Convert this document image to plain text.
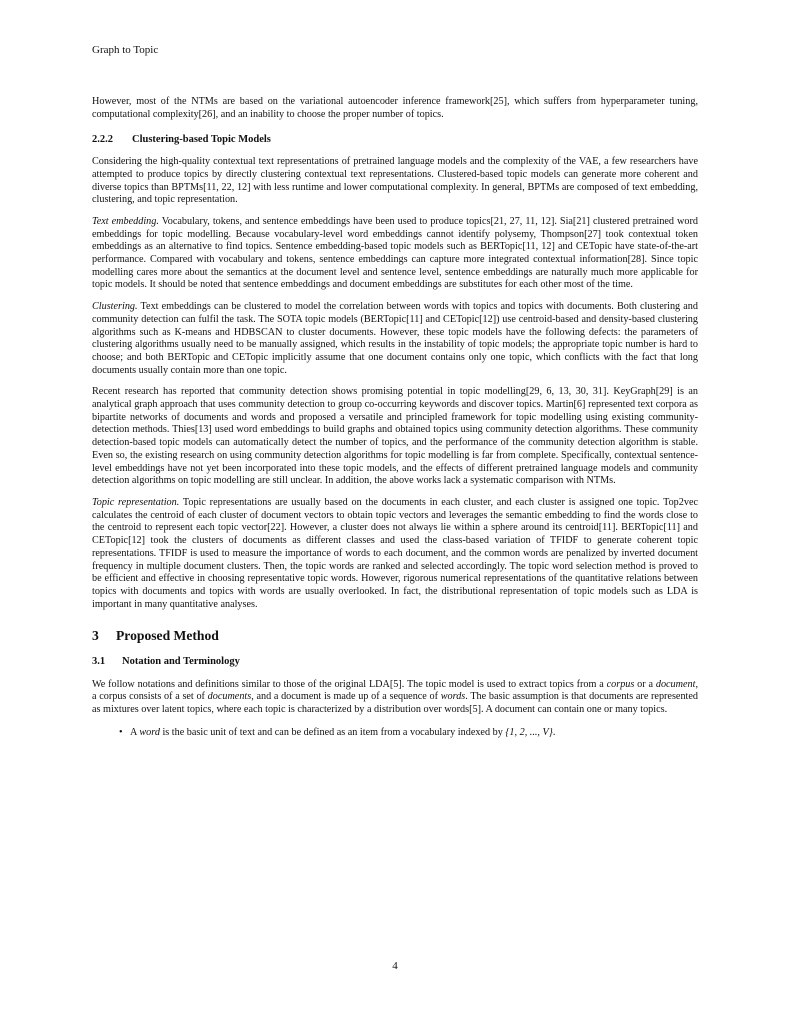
Graph to Topic

However, most of the NTMs are based on the variational autoencoder inference framework[25], which suffers from hyperparameter tuning, computational complexity[26], and an inability to choose the proper number of topics.

2.2.2 Clustering-based Topic Models

Considering the high-quality contextual text representations of pretrained language models and the complexity of the VAE, a few researchers have attempted to produce topics by directly clustering contextual text representations. Clustered-based topic models can generate more coherent and diverse topics than BPTMs[11, 22, 12] with less runtime and lower computational complexity. In general, BPTMs are composed of text embedding, clustering, and topic representation.

Text embedding. Vocabulary, tokens, and sentence embeddings have been used to produce topics[21, 27, 11, 12]. Sia[21] clustered pretrained word embeddings for topic modelling. Because vocabulary-level word embeddings cannot identify polysemy, Thompson[27] took contextual token embeddings as an alternative to find topics. Sentence embedding-based topic models such as BERTopic[11, 12] and CETopic have state-of-the-art performance. Compared with vocabulary and tokens, sentence embeddings can capture more integrated contextual information[28]. Since topic modelling cares more about the semantics at the document level and sentence level, sentence embeddings are naturally much more applicable for topic models. It should be noted that sentence embeddings and document embeddings are substitutes for each other most of the time.

Clustering. Text embeddings can be clustered to model the correlation between words with topics and topics with documents. Both clustering and community detection can fulfil the task. The SOTA topic models (BERTopic[11] and CETopic[12]) use centroid-based and density-based clustering algorithms such as K-means and HDBSCAN to cluster documents. However, these topic models have the following defects: the parameters of clustering algorithms usually need to be manually assigned, which results in the instability of topic models; the appropriate topic number is hard to choose; and both BERTopic and CETopic implicitly assume that one document contains only one topic, which conflicts with the fact that long documents usually contain more than one topic.

Recent research has reported that community detection shows promising potential in topic modelling[29, 6, 13, 30, 31]. KeyGraph[29] is an analytical graph approach that uses community detection to group co-occurring keywords and discover topics. Martin[6] represented text corpora as bipartite networks of documents and words and proposed a versatile and principled framework for topic modelling using existing community-detection methods. Thies[13] used word embeddings to build graphs and obtained topics using community detection algorithms. These community detection-based topic models can automatically detect the number of topics, and the performance of the community detection algorithm is stable. Even so, the existing research on using community detection algorithms for topic modelling is far from complete. Specifically, contextual sentence-level embeddings have not yet been incorporated into these topic models, and the effects of different pretrained language models and community detection algorithms on topic modelling are still unclear. In addition, the above works lack a systematic comparison with NTMs.

Topic representation. Topic representations are usually based on the documents in each cluster, and each cluster is assigned one topic. Top2vec calculates the centroid of each cluster of document vectors to obtain topic vectors and leverages the semantic embedding to find the words close to the centroid to represent each topic vector[22]. However, a cluster does not always lie within a sphere around its centroid[11]. BERTopic[11] and CETopic[12] took the clusters of documents as different classes and used the class-based variation of TFIDF to generate coherent topic representations. TFIDF is used to measure the importance of words to each document, and the common words are penalized by inverted document frequency in multiple document clusters. Then, the topic words are ranked and selected accordingly. The topic word selection method is proved to be efficient and effective in choosing representative topic words. However, rigorous numerical representations of the quantitative relations between topics with documents and topics with words are usually overlooked. In fact, the distributional representation of topic models such as LDA is important in many quantitative analyses.

3 Proposed Method
3.1 Notation and Terminology

We follow notations and definitions similar to those of the original LDA[5]. The topic model is used to extract topics from a corpus or a document, a corpus consists of a set of documents, and a document is made up of a sequence of words. The basic assumption is that documents are represented as mixtures over latent topics, where each topic is characterized by a distribution over words[5]. A document can contain one or many topics.

• A word is the basic unit of text and can be defined as an item from a vocabulary indexed by {1, 2, ..., V}.
4
